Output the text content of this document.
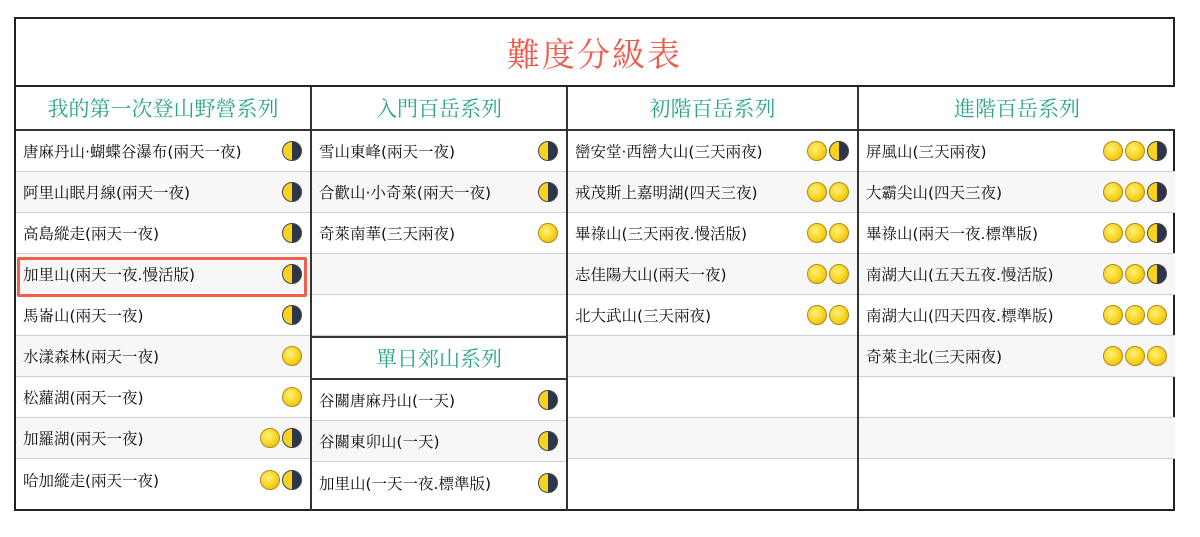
難度分級表
我的第一次登山野營系列
唐麻丹山·蝴蝶谷瀑布(兩天一夜)
阿里山眠月線(兩天一夜)
高島縱走(兩天一夜)
加里山(兩天一夜.慢活版)
馬崙山(兩天一夜)
水漾森林(兩天一夜)
松蘿湖(兩天一夜)
加羅湖(兩天一夜)
哈加縱走(兩天一夜)
入門百岳系列
雪山東峰(兩天一夜)
合歡山·小奇萊(兩天一夜)
奇萊南華(三天兩夜)
單日郊山系列
谷關唐麻丹山(一天)
谷關東卯山(一天)
加里山(一天一夜.標準版)
初階百岳系列
巒安堂·西巒大山(三天兩夜)
戒茂斯上嘉明湖(四天三夜)
畢祿山(三天兩夜.慢活版)
志佳陽大山(兩天一夜)
北大武山(三天兩夜)
進階百岳系列
屏風山(三天兩夜)
大霸尖山(四天三夜)
畢祿山(兩天一夜.標準版)
南湖大山(五天五夜.慢活版)
南湖大山(四天四夜.標準版)
奇萊主北(三天兩夜)
